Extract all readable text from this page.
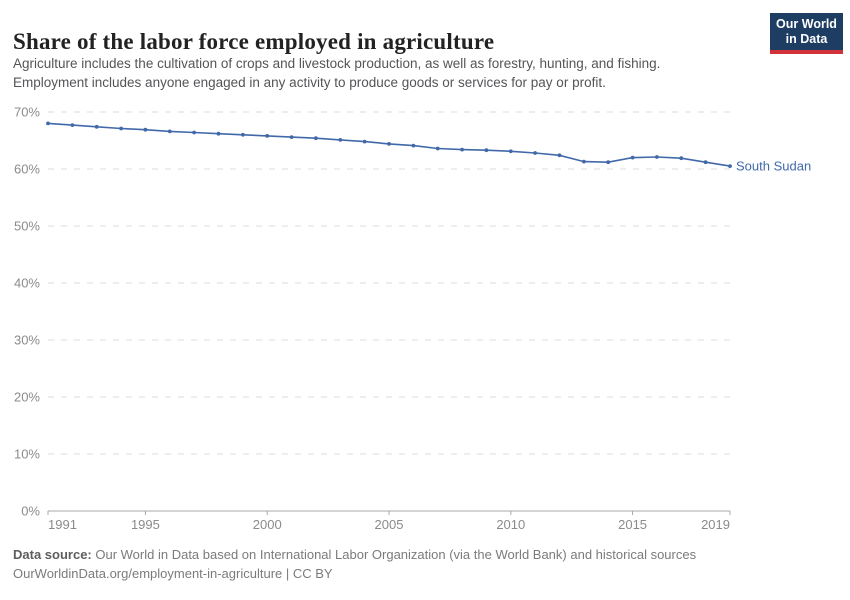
Share of the labor force employed in agriculture
Agriculture includes the cultivation of crops and livestock production, as well as forestry, hunting, and fishing.
Employment includes anyone engaged in any activity to produce goods or services for pay or profit.
Our World
in Data
0%
10%
20%
30%
40%
50%
60%
70%
1991	1995	2000	2005	2010	2015	2019
South Sudan
Data source: Our World in Data based on International Labor Organization (via the World Bank) and historical sources
OurWorldinData.org/employment-in-agriculture | CC BY
